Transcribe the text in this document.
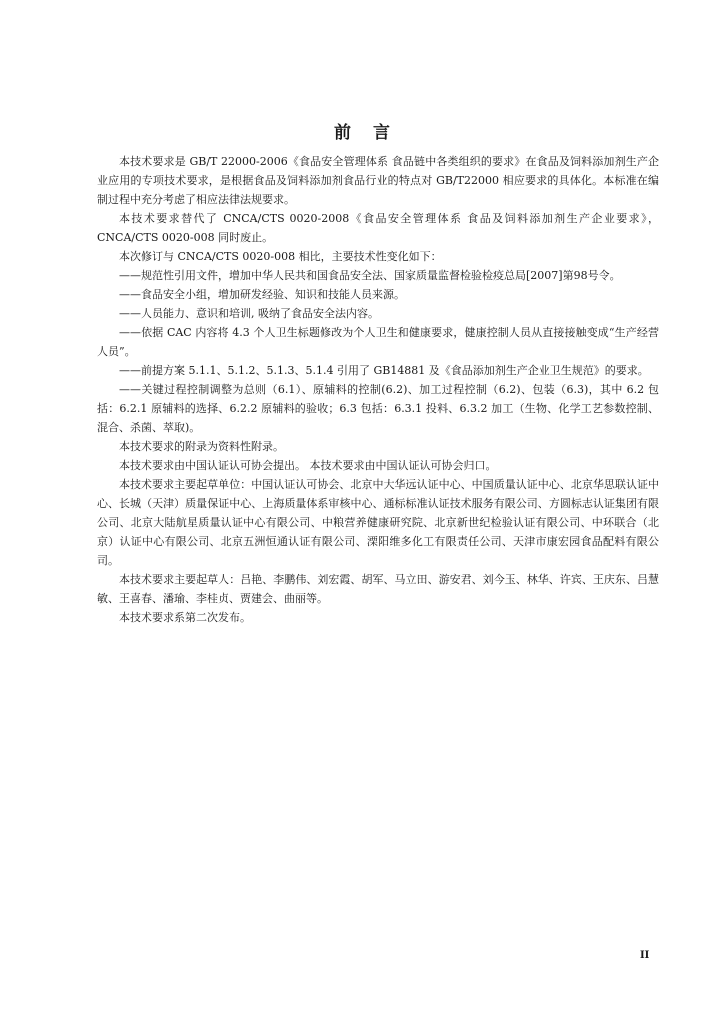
前 言

本技术要求是 GB/T 22000-2006《食品安全管理体系 食品链中各类组织的要求》在食品及饲料添加剂生产企业应用的专项技术要求，是根据食品及饲料添加剂食品行业的特点对 GB/T22000 相应要求的具体化。本标准在编制过程中充分考虑了相应法律法规要求。

本技术要求替代了 CNCA/CTS 0020-2008《食品安全管理体系 食品及饲料添加剂生产企业要求》，CNCA/CTS 0020-008 同时废止。

本次修订与 CNCA/CTS 0020-008 相比，主要技术性变化如下：

——规范性引用文件，增加中华人民共和国食品安全法、国家质量监督检验检疫总局[2007]第98号令。

——食品安全小组，增加研发经验、知识和技能人员来源。

——人员能力、意识和培训, 吸纳了食品安全法内容。

——依据 CAC 内容将 4.3 个人卫生标题修改为个人卫生和健康要求，健康控制人员从直接接触变成“生产经营人员”。

——前提方案 5.1.1、5.1.2、5.1.3、5.1.4 引用了 GB14881 及《食品添加剂生产企业卫生规范》的要求。

——关键过程控制调整为总则（6.1）、原辅料的控制(6.2)、加工过程控制（6.2)、包装（6.3)，其中 6.2 包括：6.2.1 原辅料的选择、6.2.2 原辅料的验收；6.3 包括：6.3.1 投料、6.3.2 加工（生物、化学工艺参数控制、混合、杀菌、萃取)。

本技术要求的附录为资料性附录。

本技术要求由中国认证认可协会提出。 本技术要求由中国认证认可协会归口。

本技术要求主要起草单位：中国认证认可协会、北京中大华远认证中心、中国质量认证中心、北京华思联认证中心、长城（天津）质量保证中心、上海质量体系审核中心、通标标准认证技术服务有限公司、方圆标志认证集团有限公司、北京大陆航星质量认证中心有限公司、中粮营养健康研究院、北京新世纪检验认证有限公司、中环联合（北京）认证中心有限公司、北京五洲恒通认证有限公司、溧阳维多化工有限责任公司、天津市康宏园食品配料有限公司。

本技术要求主要起草人：吕艳、李鹏伟、刘宏霞、胡军、马立田、游安君、刘今玉、林华、许宾、王庆东、吕慧敏、王喜春、潘瑜、李桂贞、贾建会、曲丽等。

本技术要求系第二次发布。

II
